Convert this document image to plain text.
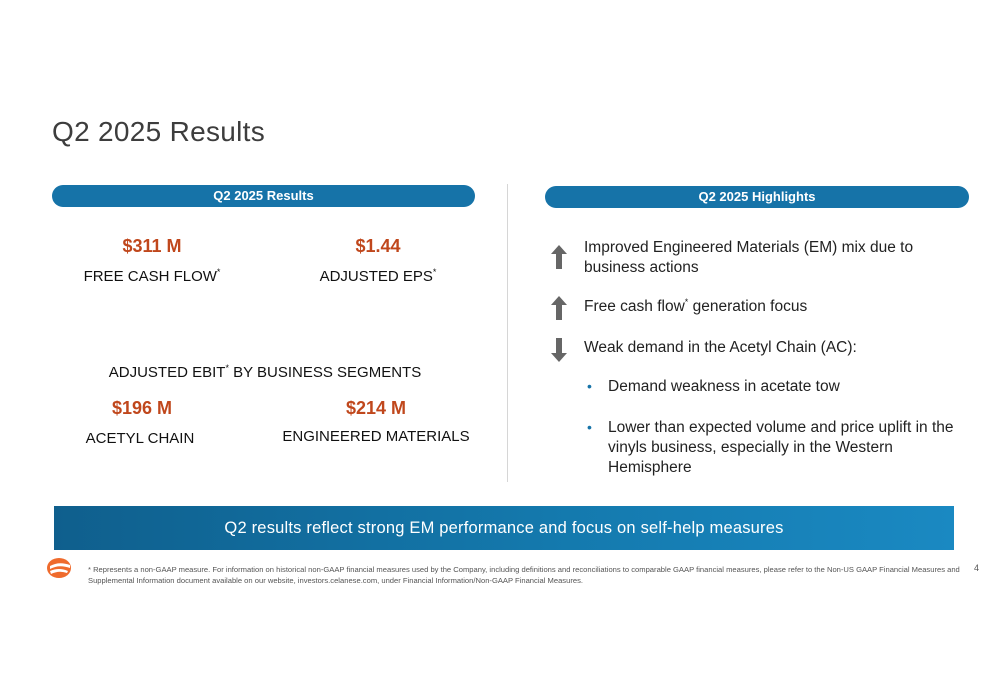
Q2 2025 Results
Q2 2025 Results
$311 M
FREE CASH FLOW*
$1.44
ADJUSTED EPS*
ADJUSTED EBIT* BY BUSINESS SEGMENTS
$196 M
ACETYL CHAIN
$214 M
ENGINEERED MATERIALS
Q2 2025 Highlights
Improved Engineered Materials (EM) mix due to business actions
Free cash flow* generation focus
Weak demand in the Acetyl Chain (AC):
• Demand weakness in acetate tow
• Lower than expected volume and price uplift in the vinyls business, especially in the Western Hemisphere
Q2 results reflect strong EM performance and focus on self-help measures
* Represents a non-GAAP measure. For information on historical non-GAAP financial measures used by the Company, including definitions and reconciliations to comparable GAAP financial measures, please refer to the Non-US GAAP Financial Measures and Supplemental Information document available on our website, investors.celanese.com, under Financial Information/Non-GAAP Financial Measures.
4
